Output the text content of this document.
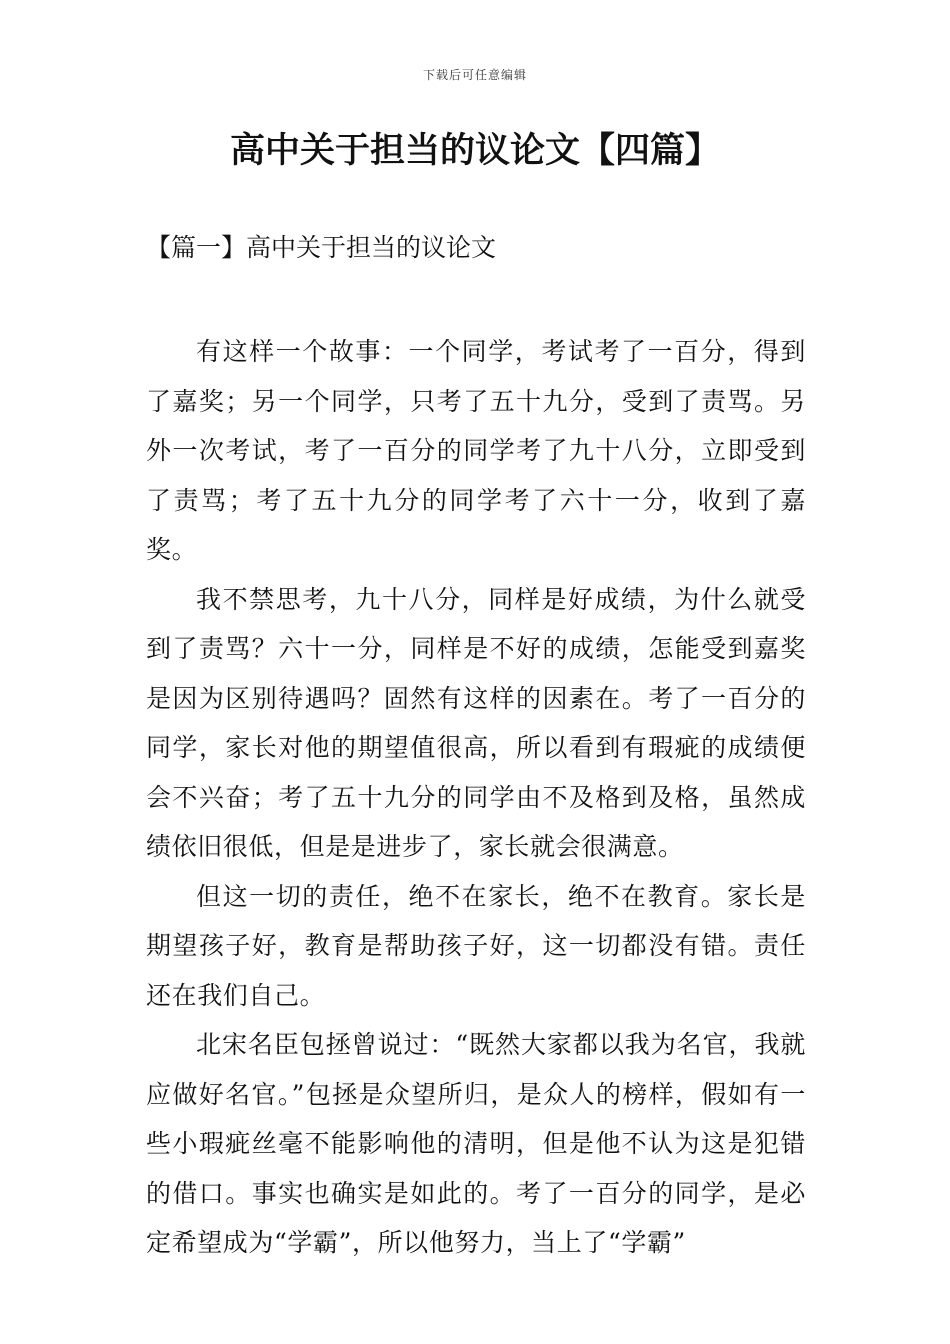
下载后可任意编辑
高中关于担当的议论文【四篇】
【篇一】高中关于担当的议论文

有这样一个故事：一个同学，考试考了一百分，得到了嘉奖；另一个同学，只考了五十九分，受到了责骂。另外一次考试，考了一百分的同学考了九十八分，立即受到了责骂；考了五十九分的同学考了六十一分，收到了嘉奖。

我不禁思考，九十八分，同样是好成绩，为什么就受到了责骂？六十一分，同样是不好的成绩，怎能受到嘉奖是因为区别待遇吗？固然有这样的因素在。考了一百分的同学，家长对他的期望值很高，所以看到有瑕疵的成绩便会不兴奋；考了五十九分的同学由不及格到及格，虽然成绩依旧很低，但是是进步了，家长就会很满意。

但这一切的责任，绝不在家长，绝不在教育。家长是期望孩子好，教育是帮助孩子好，这一切都没有错。责任还在我们自己。

北宋名臣包拯曾说过：“既然大家都以我为名官，我就应做好名官。”包拯是众望所归，是众人的榜样，假如有一些小瑕疵丝毫不能影响他的清明，但是他不认为这是犯错的借口。事实也确实是如此的。考了一百分的同学，是必定希望成为“学霸”，所以他努力，当上了“学霸”
